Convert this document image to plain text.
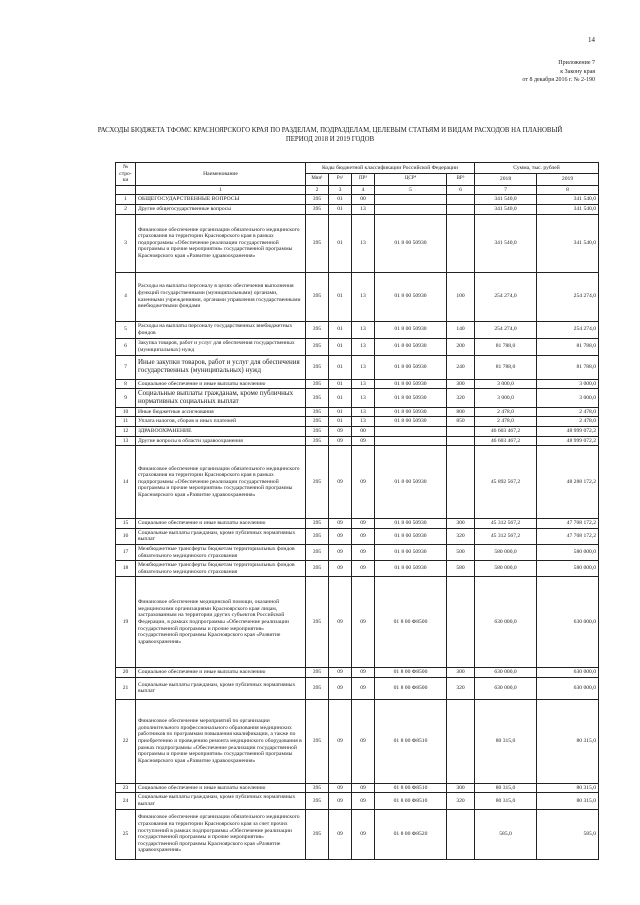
14
Приложение 7
к Закону края
от 8 декабря 2016 г. № 2-190
РАСХОДЫ БЮДЖЕТА ТФОМС КРАСНОЯРСКОГО КРАЯ ПО РАЗДЕЛАМ, ПОДРАЗДЕЛАМ, ЦЕЛЕВЫМ СТАТЬЯМ И ВИДАМ РАСХОДОВ НА ПЛАНОВЫЙ
ПЕРИОД 2018 И 2019 ГОДОВ
№ стро-ки	Наименование	Коды бюджетной классификации Российской Федерации					Сумма, тыс. рублей	
		Мин¹	Рз²	ПР³	ЦСР⁴	ВР⁵	2018	2019
	1	2	3	4	5	6	7	8
1	ОБЩЕГОСУДАРСТВЕННЫЕ ВОПРОСЫ	395	01	00			341 540,0	341 540,0
2	Другие общегосударственные вопросы	395	01	13			341 540,0	341 540,0
3	Финансовое обеспечение организации обязательного медицинского страхования на территории Красноярского края в рамках подпрограммы «Обеспечение реализации государственной программы и прочие мероприятия» государственной программы Красноярского края «Развитие здравоохранения»	395	01	13	01 8 00 50930		341 540,0	341 540,0
4	Расходы на выплаты персоналу в целях обеспечения выполнения функций государственными (муниципальными) органами, казенными учреждениями, органами управления государственными внебюджетными фондами	395	01	13	01 8 00 50930	100	254 274,0	254 274,0
5	Расходы на выплаты персоналу государственных внебюджетных фондов	395	01	13	01 8 00 50930	140	254 274,0	254 274,0
6	Закупка товаров, работ и услуг для обеспечения государственных (муниципальных) нужд	395	01	13	01 8 00 50930	200	81 788,0	81 788,0
7	Иные закупки товаров, работ и услуг для обеспечения государственных (муниципальных) нужд	395	01	13	01 8 00 50930	240	81 788,0	81 788,0
8	Социальное обеспечение и иные выплаты населению	395	01	13	01 8 00 50930	300	3 000,0	3 000,0
9	Социальные выплаты гражданам, кроме публичных нормативных социальных выплат	395	01	13	01 8 00 50930	320	3 000,0	3 000,0
10	Иные бюджетные ассигнования	395	01	13	01 8 00 50930	800	2 478,0	2 478,0
11	Уплата налогов, сборов и иных платежей	395	01	13	01 8 00 50930	850	2 478,0	2 478,0
12	ЗДРАВООХРАНЕНИЕ	395	09	00			46 603 467,2	48 999 072,2
13	Другие вопросы в области здравоохранения	395	09	09			46 603 467,2	48 999 072,2
14	Финансовое обеспечение организации обязательного медицинского страхования на территории Красноярского края в рамках подпрограммы «Обеспечение реализации государственной программы и прочие мероприятия» государственной программы Красноярского края «Развитие здравоохранения»	395	09	09	01 8 00 50930		45 892 567,2	48 288 172,2
15	Социальное обеспечение и иные выплаты населению	395	09	09	01 8 00 50930	300	45 312 567,2	47 708 172,2
16	Социальные выплаты гражданам, кроме публичных нормативных выплат	395	09	09	01 8 00 50930	320	45 312 567,2	47 708 172,2
17	Межбюджетные трансферты бюджетам территориальных фондов обязательного медицинского страхования	395	09	09	01 8 00 50930	500	580 000,0	580 000,0
18	Межбюджетные трансферты бюджетам территориальных фондов обязательного медицинского страхования	395	09	09	01 8 00 50930	580	580 000,0	580 000,0
19	Финансовое обеспечение медицинской помощи, оказанной медицинскими организациями Красноярского края лицам, застрахованным на территории других субъектов Российской Федерации, в рамках подпрограммы «Обеспечение реализации государственной программы и прочие мероприятия» государственной программы Красноярского края «Развитие здравоохранения»	395	09	09	01 8 00 Ф8500		630 000,0	630 000,0
20	Социальное обеспечение и иные выплаты населению	395	09	09	01 8 00 Ф8500	300	630 000,0	630 000,0
21	Социальные выплаты гражданам, кроме публичных нормативных выплат	395	09	09	01 8 00 Ф8500	320	630 000,0	630 000,0
22	Финансовое обеспечение мероприятий по организации дополнительного профессионального образования медицинских работников по программам повышения квалификации, а также по приобретению и проведению ремонта медицинского оборудования в рамках подпрограммы «Обеспечение реализации государственной программы и прочие мероприятия» государственной программы Красноярского края «Развитие здравоохранения»	395	09	09	01 8 00 Ф8510		80 315,0	80 315,0
23	Социальное обеспечение и иные выплаты населению	395	09	09	01 8 00 Ф8510	300	80 315,0	80 315,0
24	Социальные выплаты гражданам, кроме публичных нормативных выплат	395	09	09	01 8 00 Ф8510	320	80 315,0	80 315,0
25	Финансовое обеспечение организации обязательного медицинского страхования на территории Красноярского края за счет прочих поступлений в рамках подпрограммы «Обеспечение реализации государственной программы и прочие мероприятия» государственной программы Красноярского края «Развитие здравоохранения»	395	09	09	01 8 00 Ф8520		585,0	585,0
